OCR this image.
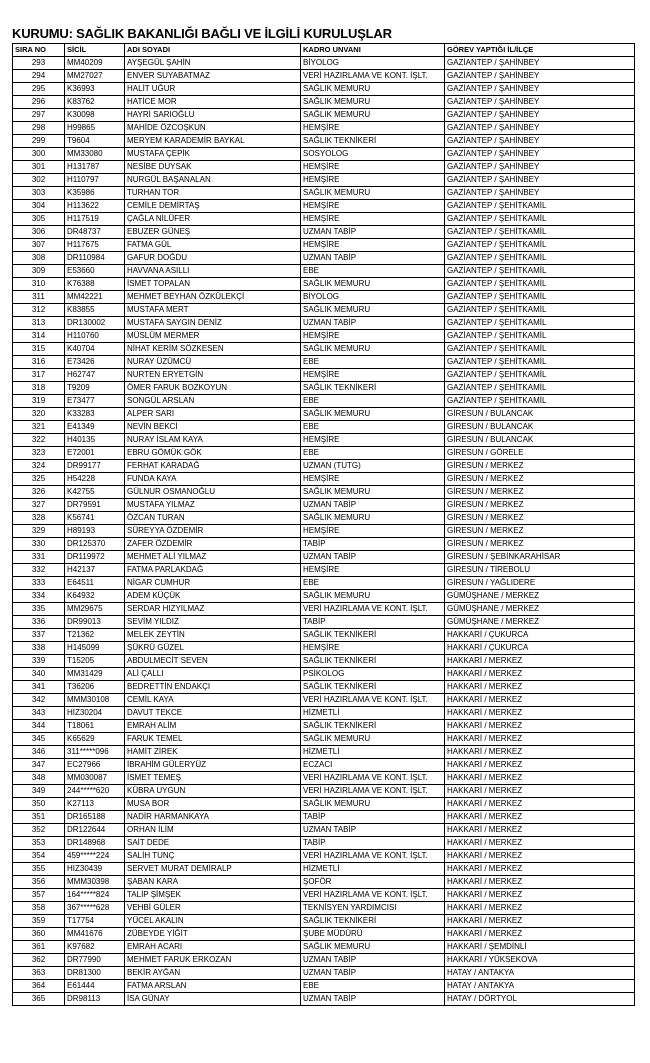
KURUMU: SAĞLIK BAKANLIĞI BAĞLI VE İLGİLİ KURULUŞLAR
SIRA NO	SİCİL	ADI SOYADI	KADRO UNVANI	GÖREV YAPTIĞI İL/İLÇE
293	MM40209	AYŞEGÜL ŞAHİN	BİYOLOG	GAZİANTEP / ŞAHİNBEY
294	MM27027	ENVER SUYABATMAZ	VERİ HAZIRLAMA VE KONT. İŞLT.	GAZİANTEP / ŞAHİNBEY
295	K36993	HALİT UĞUR	SAĞLIK MEMURU	GAZİANTEP / ŞAHİNBEY
296	K83762	HATİCE MOR	SAĞLIK MEMURU	GAZİANTEP / ŞAHİNBEY
297	K30098	HAYRİ SARIOĞLU	SAĞLIK MEMURU	GAZİANTEP / ŞAHİNBEY
298	H99865	MAHİDE ÖZCOŞKUN	HEMŞİRE	GAZİANTEP / ŞAHİNBEY
299	T9604	MERYEM KARADEMİR BAYKAL	SAĞLIK TEKNİKERİ	GAZİANTEP / ŞAHİNBEY
300	MM33080	MUSTAFA ÇEPİK	SOSYOLOG	GAZİANTEP / ŞAHİNBEY
301	H131787	NESİBE DUYSAK	HEMŞİRE	GAZİANTEP / ŞAHİNBEY
302	H110797	NURGÜL BAŞANALAN	HEMŞİRE	GAZİANTEP / ŞAHİNBEY
303	K35986	TURHAN TOR	SAĞLIK MEMURU	GAZİANTEP / ŞAHİNBEY
304	H113622	CEMİLE DEMİRTAŞ	HEMŞİRE	GAZİANTEP / ŞEHİTKAMİL
305	H117519	ÇAĞLA NİLÜFER	HEMŞİRE	GAZİANTEP / ŞEHİTKAMİL
306	DR48737	EBUZER GÜNEŞ	UZMAN TABİP	GAZİANTEP / ŞEHİTKAMİL
307	H117675	FATMA GÜL	HEMŞİRE	GAZİANTEP / ŞEHİTKAMİL
308	DR110984	GAFUR DOĞDU	UZMAN TABİP	GAZİANTEP / ŞEHİTKAMİL
309	E53660	HAVVANA ASILLI	EBE	GAZİANTEP / ŞEHİTKAMİL
310	K76388	İSMET TOPALAN	SAĞLIK MEMURU	GAZİANTEP / ŞEHİTKAMİL
311	MM42221	MEHMET BEYHAN ÖZKÜLEKÇİ	BİYOLOG	GAZİANTEP / ŞEHİTKAMİL
312	K83855	MUSTAFA MERT	SAĞLIK MEMURU	GAZİANTEP / ŞEHİTKAMİL
313	DR130002	MUSTAFA SAYGIN DENİZ	UZMAN TABİP	GAZİANTEP / ŞEHİTKAMİL
314	H110760	MÜSLÜM MERMER	HEMŞİRE	GAZİANTEP / ŞEHİTKAMİL
315	K40704	NİHAT KERİM SÖZKESEN	SAĞLIK MEMURU	GAZİANTEP / ŞEHİTKAMİL
316	E73426	NURAY ÜZÜMCÜ	EBE	GAZİANTEP / ŞEHİTKAMİL
317	H62747	NURTEN ERYETGİN	HEMŞİRE	GAZİANTEP / ŞEHİTKAMİL
318	T9209	ÖMER FARUK BOZKOYUN	SAĞLIK TEKNİKERİ	GAZİANTEP / ŞEHİTKAMİL
319	E73477	SONGÜL ARSLAN	EBE	GAZİANTEP / ŞEHİTKAMİL
320	K33283	ALPER SARI	SAĞLIK MEMURU	GİRESUN / BULANCAK
321	E41349	NEVİN BEKCİ	EBE	GİRESUN / BULANCAK
322	H40135	NURAY İSLAM KAYA	HEMŞİRE	GİRESUN / BULANCAK
323	E72001	EBRU GÖMÜK GÖK	EBE	GİRESUN / GÖRELE
324	DR99177	FERHAT KARADAĞ	UZMAN (TUTG)	GİRESUN / MERKEZ
325	H54228	FUNDA KAYA	HEMŞİRE	GİRESUN / MERKEZ
326	K42755	GÜLNUR OSMANOĞLU	SAĞLIK MEMURU	GİRESUN / MERKEZ
327	DR79591	MUSTAFA YILMAZ	UZMAN TABİP	GİRESUN / MERKEZ
328	K56741	ÖZCAN TURAN	SAĞLIK MEMURU	GİRESUN / MERKEZ
329	H89193	SÜREYYA ÖZDEMİR	HEMŞİRE	GİRESUN / MERKEZ
330	DR125370	ZAFER ÖZDEMİR	TABİP	GİRESUN / MERKEZ
331	DR119972	MEHMET ALİ YILMAZ	UZMAN TABİP	GİRESUN / ŞEBİNKARAHİSAR
332	H42137	FATMA PARLAKDAĞ	HEMŞİRE	GİRESUN / TİREBOLU
333	E64511	NİGAR CUMHUR	EBE	GİRESUN / YAĞLIDERE
334	K64932	ADEM KÜÇÜK	SAĞLIK MEMURU	GÜMÜŞHANE / MERKEZ
335	MM29675	SERDAR HIZYILMAZ	VERİ HAZIRLAMA VE KONT. İŞLT.	GÜMÜŞHANE / MERKEZ
336	DR99013	SEVİM YILDIZ	TABİP	GÜMÜŞHANE / MERKEZ
337	T21362	MELEK ZEYTİN	SAĞLIK TEKNİKERİ	HAKKARİ / ÇUKURCA
338	H145099	ŞÜKRÜ GÜZEL	HEMŞİRE	HAKKARİ / ÇUKURCA
339	T15205	ABDULMECİT SEVEN	SAĞLIK TEKNİKERİ	HAKKARİ / MERKEZ
340	MM31429	ALİ ÇALLI	PSİKOLOG	HAKKARİ / MERKEZ
341	T36206	BEDRETTİN ENDAKÇI	SAĞLIK TEKNİKERİ	HAKKARİ / MERKEZ
342	MMM30108	CEMİL KAYA	VERİ HAZIRLAMA VE KONT. İŞLT.	HAKKARİ / MERKEZ
343	HIZ30204	DAVUT TEKCE	HİZMETLİ	HAKKARİ / MERKEZ
344	T18061	EMRAH ALİM	SAĞLIK TEKNİKERİ	HAKKARİ / MERKEZ
345	K65629	FARUK TEMEL	SAĞLIK MEMURU	HAKKARİ / MERKEZ
346	311*****096	HAMİT ZİREK	HİZMETLİ	HAKKARİ / MERKEZ
347	EC27966	İBRAHİM GÜLERYÜZ	ECZACI	HAKKARİ / MERKEZ
348	MM030087	İSMET TEMEŞ	VERİ HAZIRLAMA VE KONT. İŞLT.	HAKKARİ / MERKEZ
349	244*****620	KÜBRA UYGUN	VERİ HAZIRLAMA VE KONT. İŞLT.	HAKKARİ / MERKEZ
350	K27113	MUSA BOR	SAĞLIK MEMURU	HAKKARİ / MERKEZ
351	DR165188	NADİR HARMANKAYA	TABİP	HAKKARİ / MERKEZ
352	DR122644	ORHAN İLİM	UZMAN TABİP	HAKKARİ / MERKEZ
353	DR148968	SAİT DEDE	TABİP	HAKKARİ / MERKEZ
354	459*****224	SALİH TUNÇ	VERİ HAZIRLAMA VE KONT. İŞLT.	HAKKARİ / MERKEZ
355	HIZ30439	SERVET MURAT DEMİRALP	HİZMETLİ	HAKKARİ / MERKEZ
356	MMM30398	ŞABAN KARA	ŞOFÖR	HAKKARİ / MERKEZ
357	164*****824	TALİP ŞİMŞEK	VERİ HAZIRLAMA VE KONT. İŞLT.	HAKKARİ / MERKEZ
358	367*****628	VEHBİ GÜLER	TEKNİSYEN YARDIMCISI	HAKKARİ / MERKEZ
359	T17754	YÜCEL AKALIN	SAĞLIK TEKNİKERİ	HAKKARİ / MERKEZ
360	MM41676	ZÜBEYDE YİĞİT	ŞUBE MÜDÜRÜ	HAKKARİ / MERKEZ
361	K97682	EMRAH ACARI	SAĞLIK MEMURU	HAKKARİ / ŞEMDİNLİ
362	DR77990	MEHMET FARUK ERKOZAN	UZMAN TABİP	HAKKARİ / YÜKSEKOVA
363	DR81300	BEKİR AYĞAN	UZMAN TABİP	HATAY / ANTAKYA
364	E61444	FATMA ARSLAN	EBE	HATAY / ANTAKYA
365	DR98113	İSA GÜNAY	UZMAN TABİP	HATAY / DÖRTYOL
